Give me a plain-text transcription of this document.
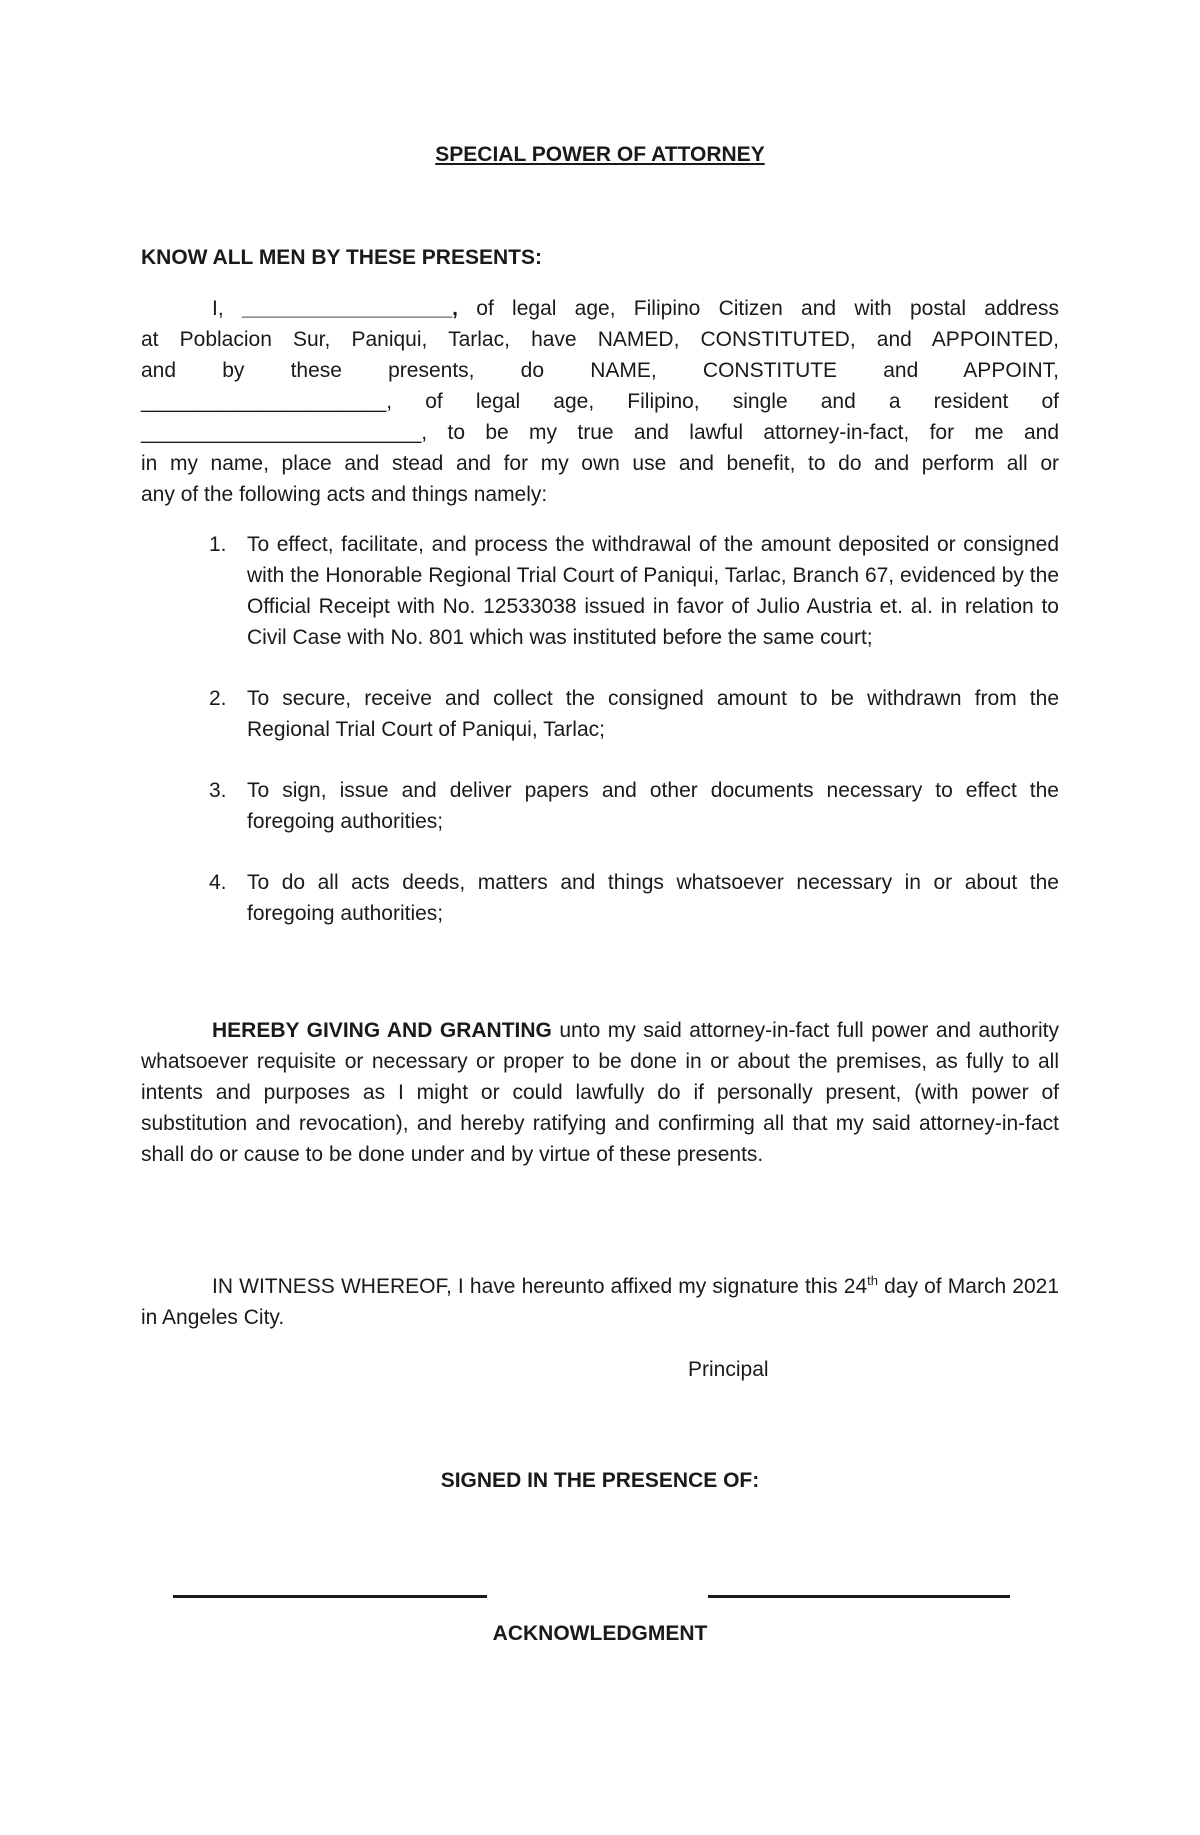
SPECIAL POWER OF ATTORNEY
KNOW ALL MEN BY THESE PRESENTS:
I, __________________, of legal age, Filipino Citizen and with postal address
at Poblacion Sur, Paniqui, Tarlac, have NAMED, CONSTITUTED, and APPOINTED,
and by these presents, do NAME, CONSTITUTE and APPOINT,
_____________________, of legal age, Filipino, single and a resident of
________________________, to be my true and lawful attorney-in-fact, for me and
in my name, place and stead and for my own use and benefit, to do and perform all or
any of the following acts and things namely:
1. To effect, facilitate, and process the withdrawal of the amount deposited or consigned with the Honorable Regional Trial Court of Paniqui, Tarlac, Branch 67, evidenced by the Official Receipt with No. 12533038 issued in favor of Julio Austria et. al. in relation to Civil Case with No. 801 which was instituted before the same court;
2. To secure, receive and collect the consigned amount to be withdrawn from the Regional Trial Court of Paniqui, Tarlac;
3. To sign, issue and deliver papers and other documents necessary to effect the foregoing authorities;
4. To do all acts deeds, matters and things whatsoever necessary in or about the foregoing authorities;
HEREBY GIVING AND GRANTING unto my said attorney-in-fact full power and authority whatsoever requisite or necessary or proper to be done in or about the premises, as fully to all intents and purposes as I might or could lawfully do if personally present, (with power of substitution and revocation), and hereby ratifying and confirming all that my said attorney-in-fact shall do or cause to be done under and by virtue of these presents.
IN WITNESS WHEREOF, I have hereunto affixed my signature this 24th day of March 2021 in Angeles City.
Principal
SIGNED IN THE PRESENCE OF:
ACKNOWLEDGMENT
